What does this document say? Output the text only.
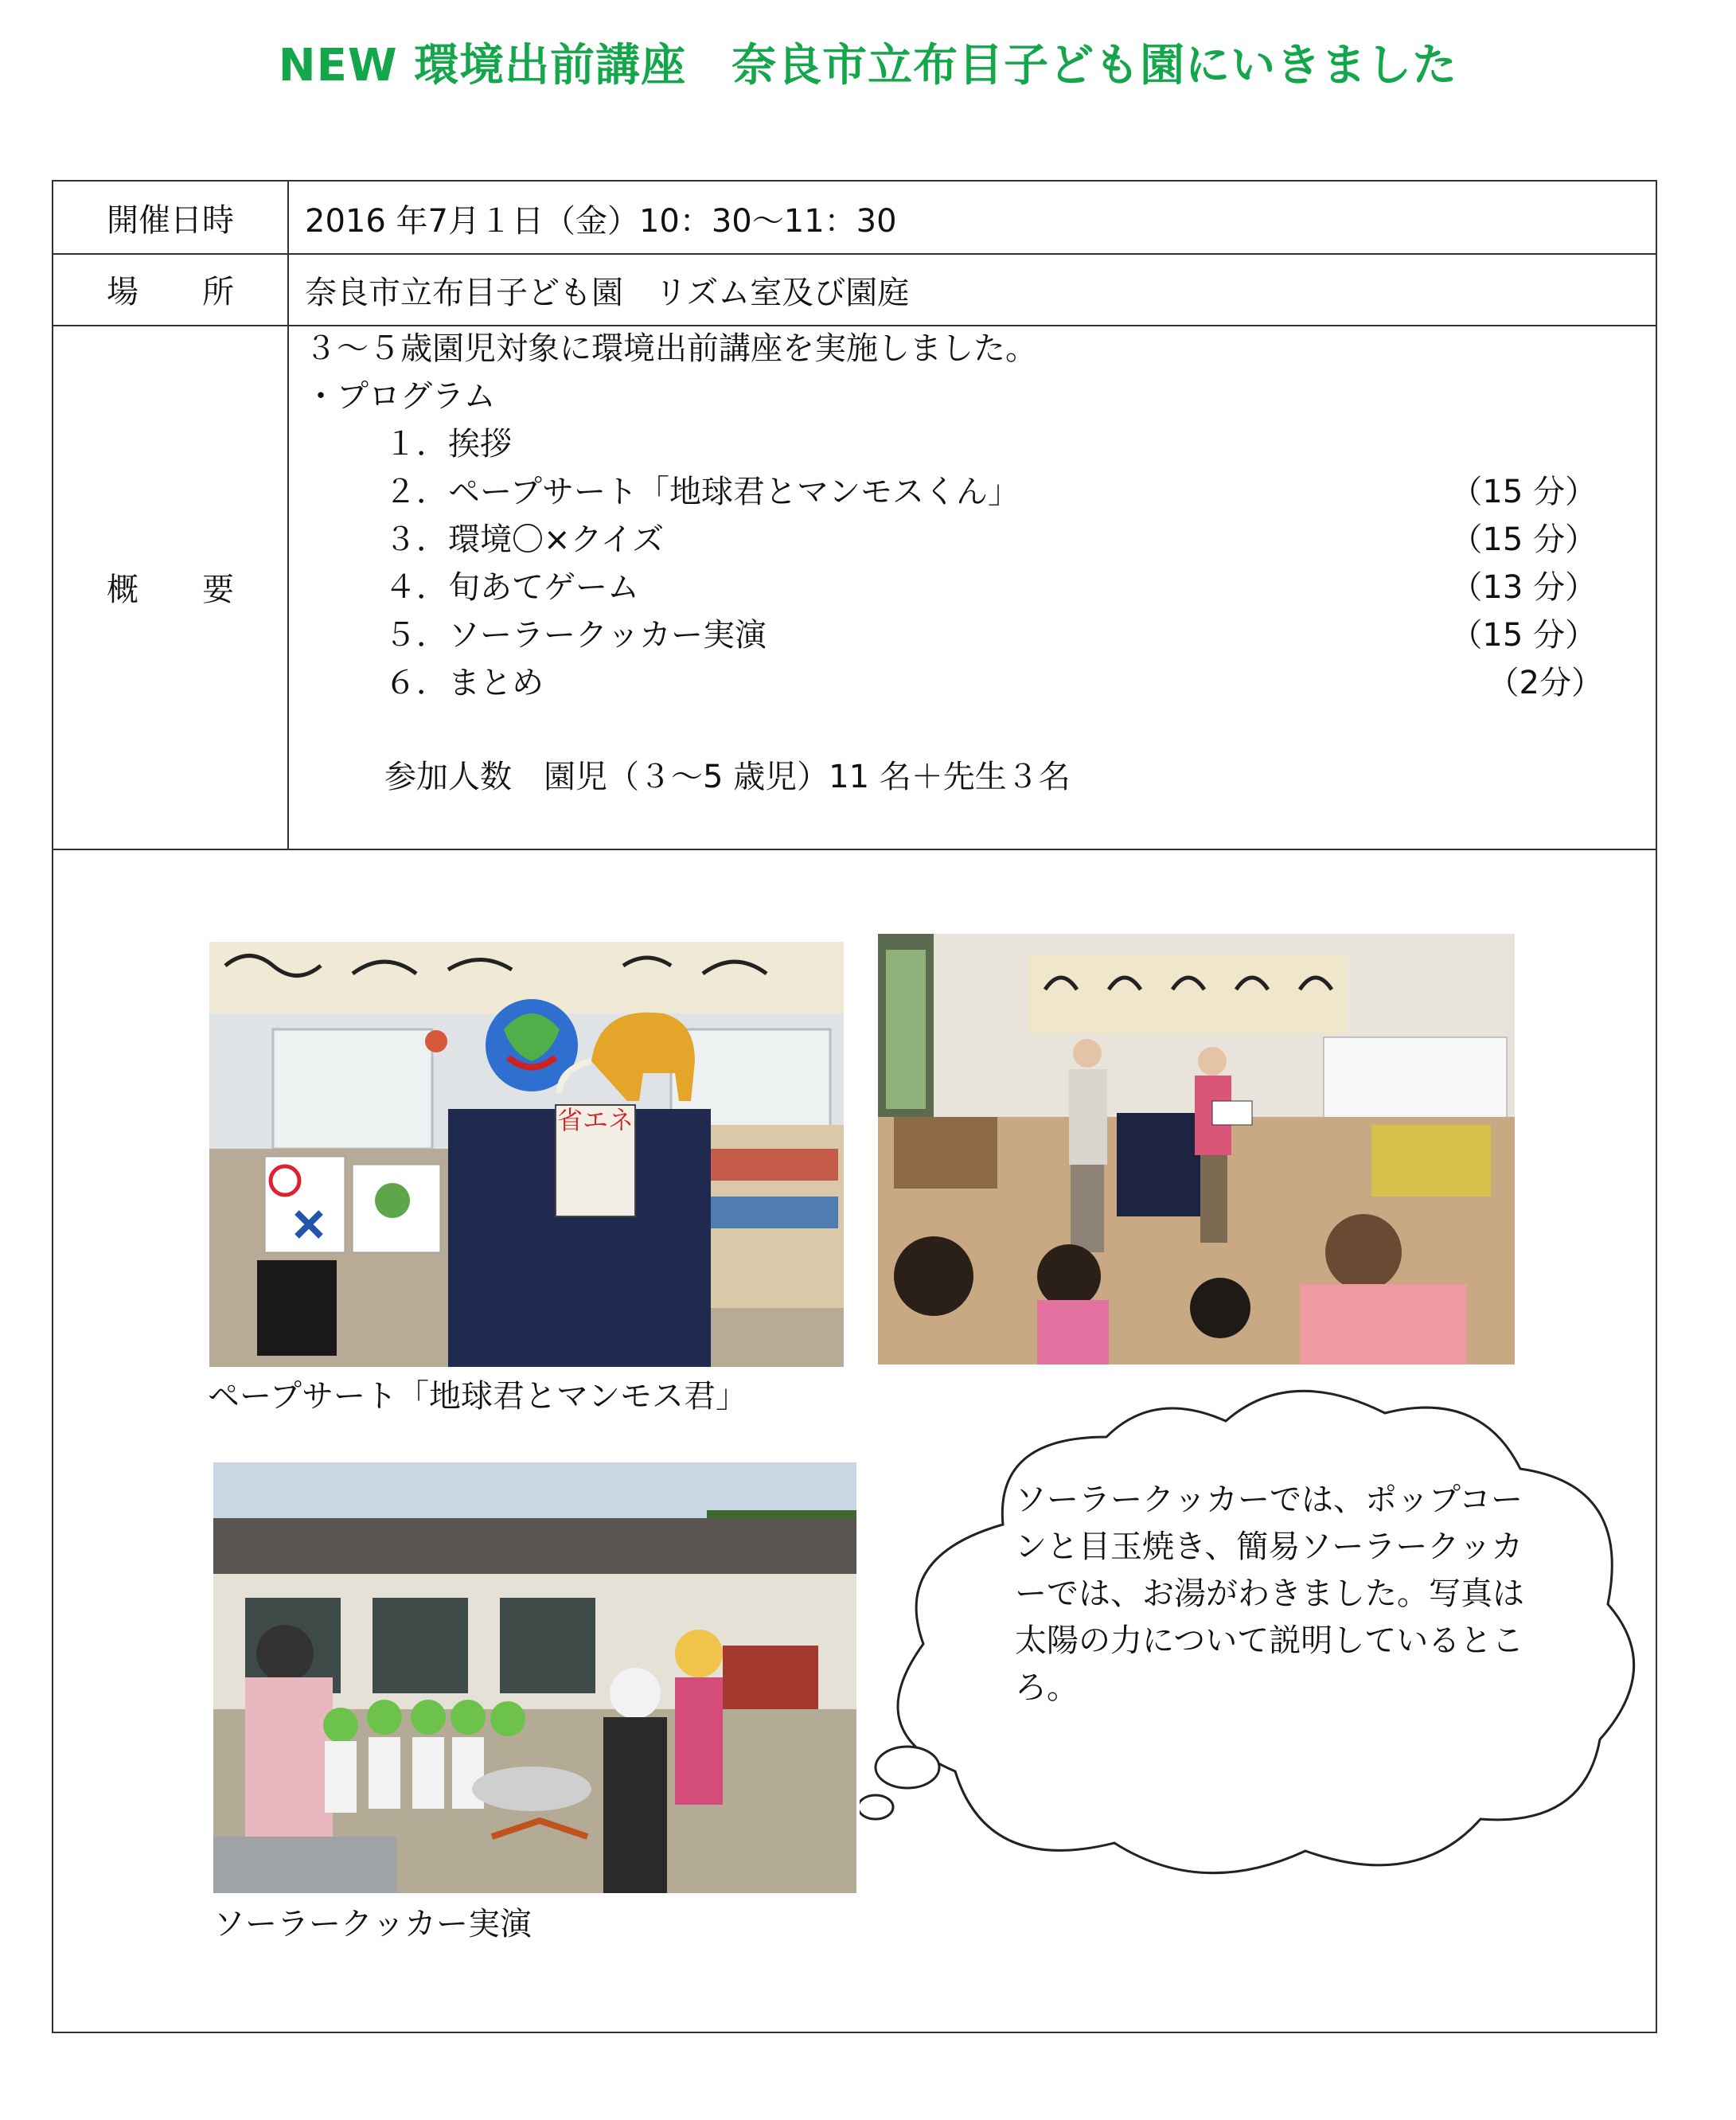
NEW 環境出前講座　奈良市立布目子ども園にいきました
開催日時	2016 年7月１日（金）10：30〜11：30
場　　所	奈良市立布目子ども園　リズム室及び園庭
概　　要
３〜５歳園児対象に環境出前講座を実施しました。
・プログラム
１．挨拶
２．ペープサート「地球君とマンモスくん」	（15 分）
３．環境〇×クイズ	（15 分）
４．旬あてゲーム	（13 分）
５．ソーラークッカー実演	（15 分）
６．まとめ	（2分）
参加人数　園児（３〜5 歳児）11 名＋先生３名
省エネ
ペープサート「地球君とマンモス君」
ソーラークッカー実演
ソーラークッカーでは、ポップコーンと目玉焼き、簡易ソーラークッカーでは、お湯がわきました。写真は太陽の力について説明しているところ。
